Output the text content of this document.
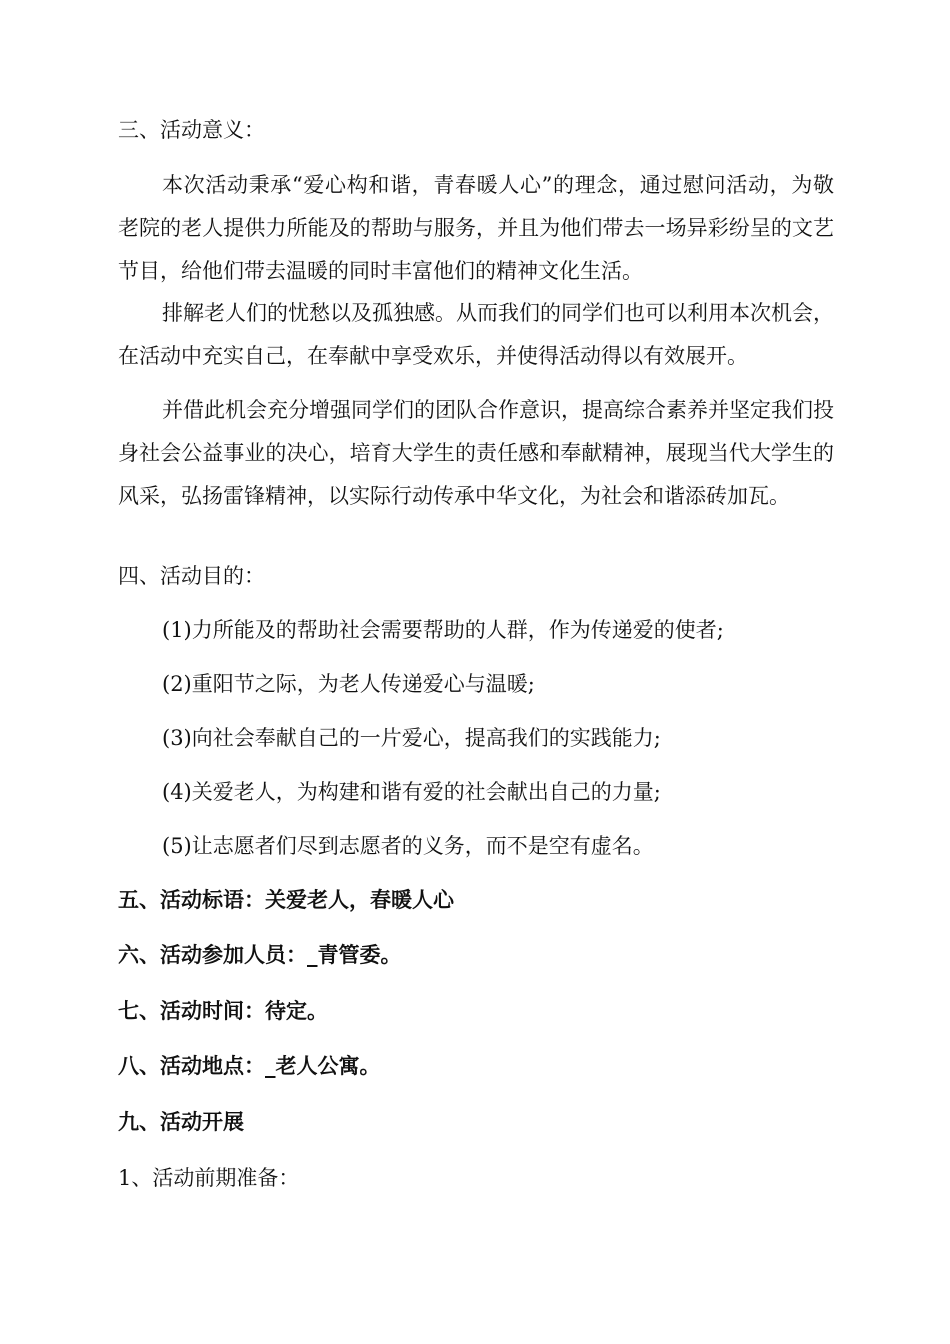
三、活动意义：
本次活动秉承“爱心构和谐，青春暖人心”的理念，通过慰问活动，为敬老院的老人提供力所能及的帮助与服务，并且为他们带去一场异彩纷呈的文艺节目，给他们带去温暖的同时丰富他们的精神文化生活。
排解老人们的忧愁以及孤独感。从而我们的同学们也可以利用本次机会，在活动中充实自己，在奉献中享受欢乐，并使得活动得以有效展开。
并借此机会充分增强同学们的团队合作意识，提高综合素养并坚定我们投身社会公益事业的决心，培育大学生的责任感和奉献精神，展现当代大学生的风采，弘扬雷锋精神，以实际行动传承中华文化，为社会和谐添砖加瓦。
四、活动目的：
(1)力所能及的帮助社会需要帮助的人群，作为传递爱的使者;
(2)重阳节之际，为老人传递爱心与温暖;
(3)向社会奉献自己的一片爱心，提高我们的实践能力;
(4)关爱老人，为构建和谐有爱的社会献出自己的力量;
(5)让志愿者们尽到志愿者的义务，而不是空有虚名。
五、活动标语：关爱老人，春暖人心
六、活动参加人员：_青管委。
七、活动时间：待定。
八、活动地点：_老人公寓。
九、活动开展
1、活动前期准备：
